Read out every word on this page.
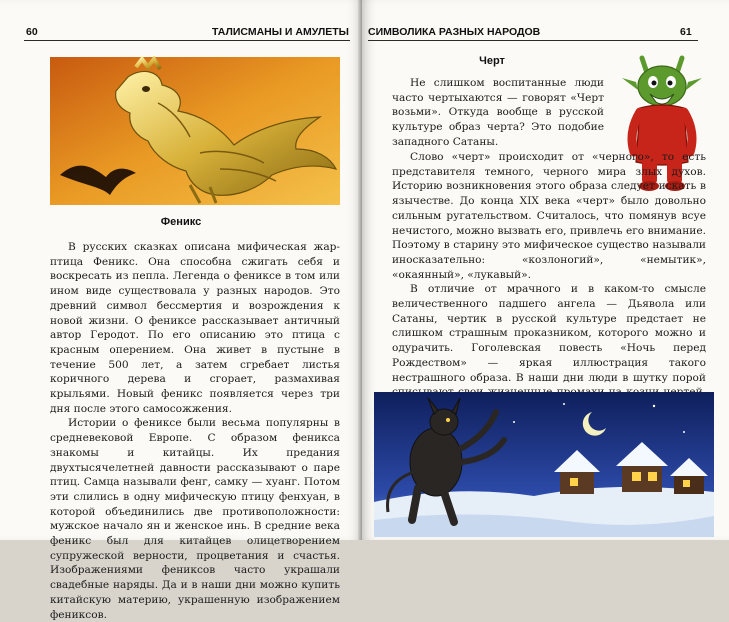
60	ТАЛИСМАНЫ И АМУЛЕТЫ
Феникс

В русских сказках описана мифическая жар-птица Феникс. Она способна сжигать себя и воскресать из пепла. Легенда о фениксе в том или ином виде существовала у разных народов. Это древний символ бессмертия и возрождения к новой жизни. О фениксе рассказывает античный автор Геродот. По его описанию это птица с красным оперением. Она живет в пустыне в течение 500 лет, а затем сгребает листья коричного дерева и сгорает, размахивая крыльями. Новый феникс появляется через три дня после этого самосожжения.

Истории о фениксе были весьма популярны в средневековой Европе. С образом феникса знакомы и китайцы. Их предания двухтысячелетней давности рассказывают о паре птиц. Самца называли фенг, самку — хуанг. Потом эти слились в одну мифическую птицу фенхуан, в которой объединились две противоположности: мужское начало ян и женское инь. В средние века феникс был для китайцев олицетворением супружеской верности, процветания и счастья. Изображениями фениксов часто украшали свадебные наряды. Да и в наши дни можно купить китайскую материю, украшенную изображением фениксов.

СИМВОЛИКА РАЗНЫХ НАРОДОВ	61
Черт

Не слишком воспитанные люди часто чертыхаются — говорят «Черт возьми». Откуда вообще в русской культуре образ черта? Это подобие западного Сатаны.

Слово «черт» происходит от «черного», то есть представителя темного, черного мира злых духов. Историю возникновения этого образа следует искать в язычестве. До конца XIX века «черт» было довольно сильным ругательством. Считалось, что помянув всуе нечистого, можно вызвать его, привлечь его внимание. Поэтому в старину это мифическое существо называли иносказательно: «козлоногий», «немытик», «окаянный», «лукавый».

В отличие от мрачного и в каком-то смысле величественного падшего ангела — Дьявола или Сатаны, чертик в русской культуре предстает не слишком страшным проказником, которого можно и одурачить. Гоголевская повесть «Ночь перед Рождеством» — яркая иллюстрация такого нестрашного образа. В наши дни люди в шутку порой
